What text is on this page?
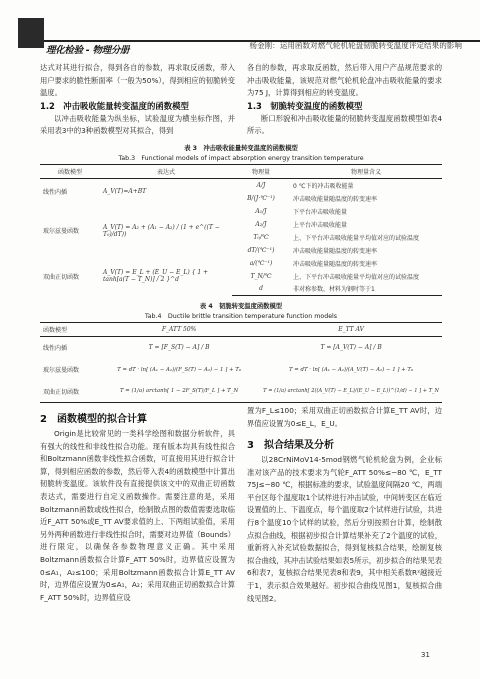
理化检验 - 物理分册	杨金刚：运用函数对燃气轮机轮盘韧脆转变温度评定结果的影响

达式对其进行拟合，得到各自的参数，再求取反函数，带入用户要求的脆性断面率（一般为50%），得到相应的韧脆转变温度。

1.2　冲击吸收能量转变温度的函数模型

以冲击吸收能量为纵坐标，试验温度为横坐标作图，并采用表3中的3种函数模型对其拟合，得到

各自的参数，再求取反函数，然后带入用户产品规范要求的冲击吸收能量，该规范对燃气轮机轮盘冲击吸收能量的要求为75 J，计算得到相应的转变温度。

1.3　韧脆转变温度的函数模型

断口形貌和冲击吸收能量的韧脆转变温度函数模型如表4所示。

表 3　冲击吸收能量转变温度的函数模型
Tab.3　Functional models of impact absorption energy transition temperature
函数模型	表达式	物理量	物理量含义
线性内插	A_V(T)=A+BT	A/J	0 ℃下的冲击吸收能量
		B/(J·℃⁻¹)	冲击吸收能量随温度的转变速率
玻尔兹曼函数	A_V(T) = A₂ + (A₁ − A₂) / (1 + e^((T − T₀)/dT))	A₁/J	下平台冲击吸收能量
		A₂/J	上平台冲击吸收能量
		T₀/℃	上、下平台冲击吸收能量平均值对应的试验温度
		dT/(℃⁻¹)	冲击吸收能量随温度的转变速率
双曲正切函数	A_V(T) = E_L + (E_U − E_L) { 1 + tanh[a(T − T_N)] / 2 }^d	a/(℃⁻¹)	冲击吸收能量随温度的转变速率
		T_N/℃	上、下平台冲击吸收能量平均值对应的试验温度
		d	非对称参数，材料为钢时等于1
表 4　韧脆转变温度函数模型
Tab.4　Ductile brittle transition temperature function models
函数模型	F_ATT 50%	E_TT AV
线性内插	T = [F_S(T) − A] / B	T = [A_V(T) − A] / B
玻尔兹曼函数	T = dT · ln[ (A₁ − A₂)/(F_S(T) − A₂) − 1 ] + T₀	T = dT · ln[ (A₁ − A₂)/(A_V(T) − A₂) − 1 ] + T₀
双曲正切函数	T = (1/a) arctanh[ 1 − 2F_S(T)/F_L ] + T_N	T = (1/a) arctanh[ 2((A_V(T) − E_L)/(E_U − E_L))^(1/d) − 1 ] + T_N
2　函数模型的拟合计算

Origin是比较常见的一类科学绘图和数据分析软件，具有强大的线性和非线性拟合功能。现有版本均具有线性拟合和Boltzmann函数非线性拟合函数，可直接用其进行拟合计算，得到相应函数的参数，然后带入表4的函数模型中计算出韧脆转变温度。该软件没有直接提供该文中的双曲正切函数表达式，需要进行自定义函数操作。需要注意的是，采用Boltzmann函数或线性拟合，绘制散点图的数值需要选取临近F_ATT 50%或E_TT AV要求值的上、下两组试验值，采用另外两种函数进行非线性拟合时，需要对边界值（Bounds）进行限定，以确保各参数物理意义正确。其中采用Boltzmann函数拟合计算F_ATT 50%时，边界值应设置为0≤A₁，A₂≤100；采用Boltzmann函数拟合计算E_TT AV时，边界值应设置为0≤A₁，A₂；采用双曲正切函数拟合计算F_ATT 50%时，边界值应设

置为F_L≤100；采用双曲正切函数拟合计算E_TT AV时，边界值应设置为0≤E_L，E_U。

3　拟合结果及分析

以28CrNiMoV14-5mod钢燃气轮机轮盘为例，企业标准对该产品的技术要求为气轮F_ATT 50%≤−80 ℃，E_TT 75J≤−80 ℃，根据标准的要求，试验温度间隔20 ℃，两端平台区每个温度取1个试样进行冲击试验，中间转变区在临近设置值的上、下温度点，每个温度取2个试样进行试验，共进行8个温度10个试样的试验，然后分别按照台计算，绘制散点拟合曲线，根据初步拟合计算结果补充了2个温度的试验，重新将入补充试验数据拟合，得到复核拟合结果，绘制复核拟合曲线，其冲击试验结果如表5所示，初步拟合的结果见表6和表7，复核拟合结果见表8和表9，其中相关系数R²越接近于1，表示拟合效果越好。初步拟合曲线见图1，复核拟合曲线见图2。

31
